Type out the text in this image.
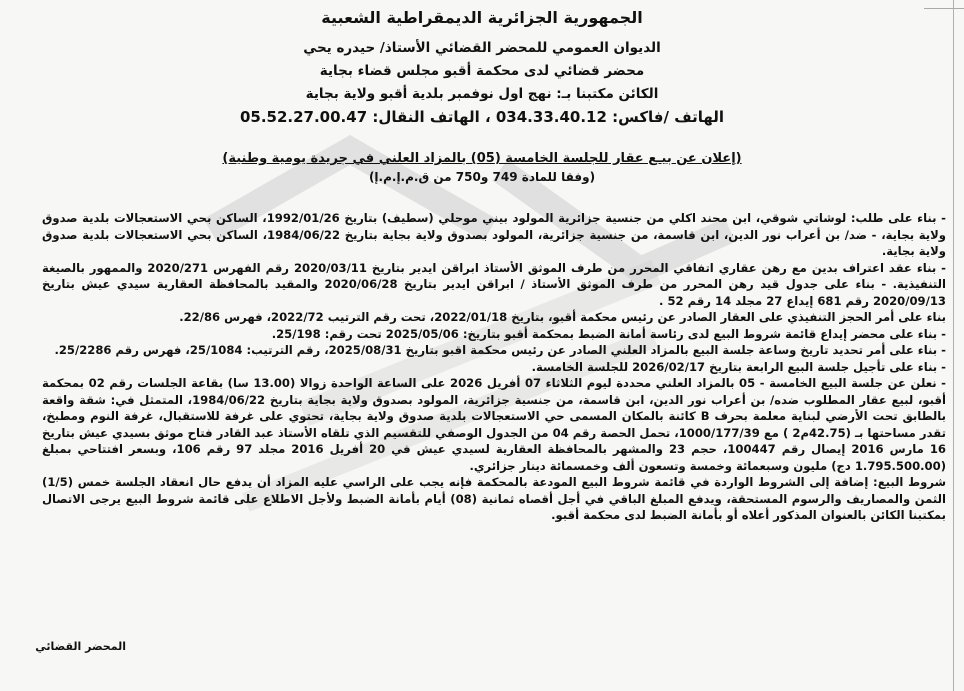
الجمهورية الجزائرية الديمقراطية الشعبية
الديوان العمومي للمحضر القضائي الأستاذ/ حيدره يحي
محضر قضائي لدى محكمة أقبو مجلس قضاء بجاية
الكائن مكتبنا بـ: نهج اول نوفمبر بلدية أقبو ولاية بجاية
الهاتف /فاكس: 034.33.40.12 ، الهاتف النقال: 05.52.27.00.47
(إعلان عن بيـع عقار للجلسة الخامسة (05) بالمزاد العلني في جريدة يومية وطنية)
(وفقا للمادة 749 و750 من ق.م.إ.م.إ)

- بناء على طلب: لوشاتي شوقي، ابن محند اكلي من جنسية جزائرية المولود بيني موحلي (سطيف) بتاريخ 1992/01/26، الساكن بحي الاستعجالات بلدية صدوق ولاية بجاية، - ضد/ بن أعراب نور الدين، ابن قاسمة، من جنسية جزائرية، المولود بصدوق ولاية بجاية بتاريخ 1984/06/22، الساكن بحي الاستعجالات بلدية صدوق ولاية بجاية.

- بناء عقد اعتراف بدين مع رهن عقاري اتفاقي المحرر من طرف الموثق الأستاذ ابراقن ايدير بتاريخ 2020/03/11 رقم الفهرس 2020/271 والممهور بالصيغة التنفيذية. - بناء على جدول قيد رهن المحرر من طرف الموثق الأستاذ / ابراقن ايدير بتاريخ 2020/06/28 والمقيد بالمحافظة العقارية سيدي عيش بتاريخ 2020/09/13 رقم 681 إيداع 27 مجلد 14 رقم 52 .

بناء على أمر الحجز التنفيذي على العقار الصادر عن رئيس محكمة أقبو، بتاريخ 2022/01/18، تحت رقم الترتيب 2022/72، فهرس 22/86.

- بناء على محضر إيداع قائمة شروط البيع لدى رئاسة أمانة الضبط بمحكمة أقبو بتاريخ: 2025/05/06 تحت رقم: 25/198.

- بناء على أمر تحديد تاريخ وساعة جلسة البيع بالمزاد العلني الصادر عن رئيس محكمة اقبو بتاريخ 2025/08/31، رقم الترتيب: 25/1084، فهرس رقم 25/2286.

- بناء على تأجيل جلسة البيع الرابعة بتاريخ 2026/02/17 للجلسة الخامسة.

- نعلن عن جلسة البيع الخامسة - 05 بالمزاد العلني محددة ليوم الثلاثاء 07 أفريل 2026 على الساعة الواحدة زوالا (13.00 سا) بقاعة الجلسات رقم 02 بمحكمة أقبو، لبيع عقار المطلوب ضده/ بن أعراب نور الدين، ابن قاسمة، من جنسية جزائرية، المولود بصدوق ولاية بجاية بتاريخ 1984/06/22، المتمثل في: شقة واقعة بالطابق تحت الأرضي لبناية معلمة بحرف B كائنة بالمكان المسمى حي الاستعجالات بلدية صدوق ولاية بجاية، تحتوي على غرفة للاستقبال، غرفة النوم ومطبخ، تقدر مساحتها بـ (42.75م2 ) مع 1000/177/39، تحمل الحصة رقم 04 من الجدول الوصفي للتقسيم الذي تلقاه الأستاذ عبد القادر فتاح موثق بسيدي عيش بتاريخ 16 مارس 2016 إيصال رقم 100447، حجم 23 والمشهر بالمحافظة العقارية لسيدي عيش في 20 أفريل 2016 مجلد 97 رقم 106، وبسعر افتتاحي بمبلغ (1.795.500.00 دج) مليون وسبعمائة وخمسة وتسعون ألف وخمسمائة دينار جزائري.

شروط البيع: إضافة إلى الشروط الواردة في قائمة شروط البيع المودعة بالمحكمة فإنه يجب على الراسي عليه المزاد أن يدفع حال انعقاد الجلسة خمس (1/5) الثمن والمصاريف والرسوم المستحقة، ويدفع المبلغ الباقي في أجل أقصاه ثمانية (08) أيام بأمانة الضبط ولأجل الاطلاع على قائمة شروط البيع يرجى الاتصال بمكتبنا الكائن بالعنوان المذكور أعلاه أو بأمانة الضبط لدى محكمة أقبو.

المحضر القضائي
